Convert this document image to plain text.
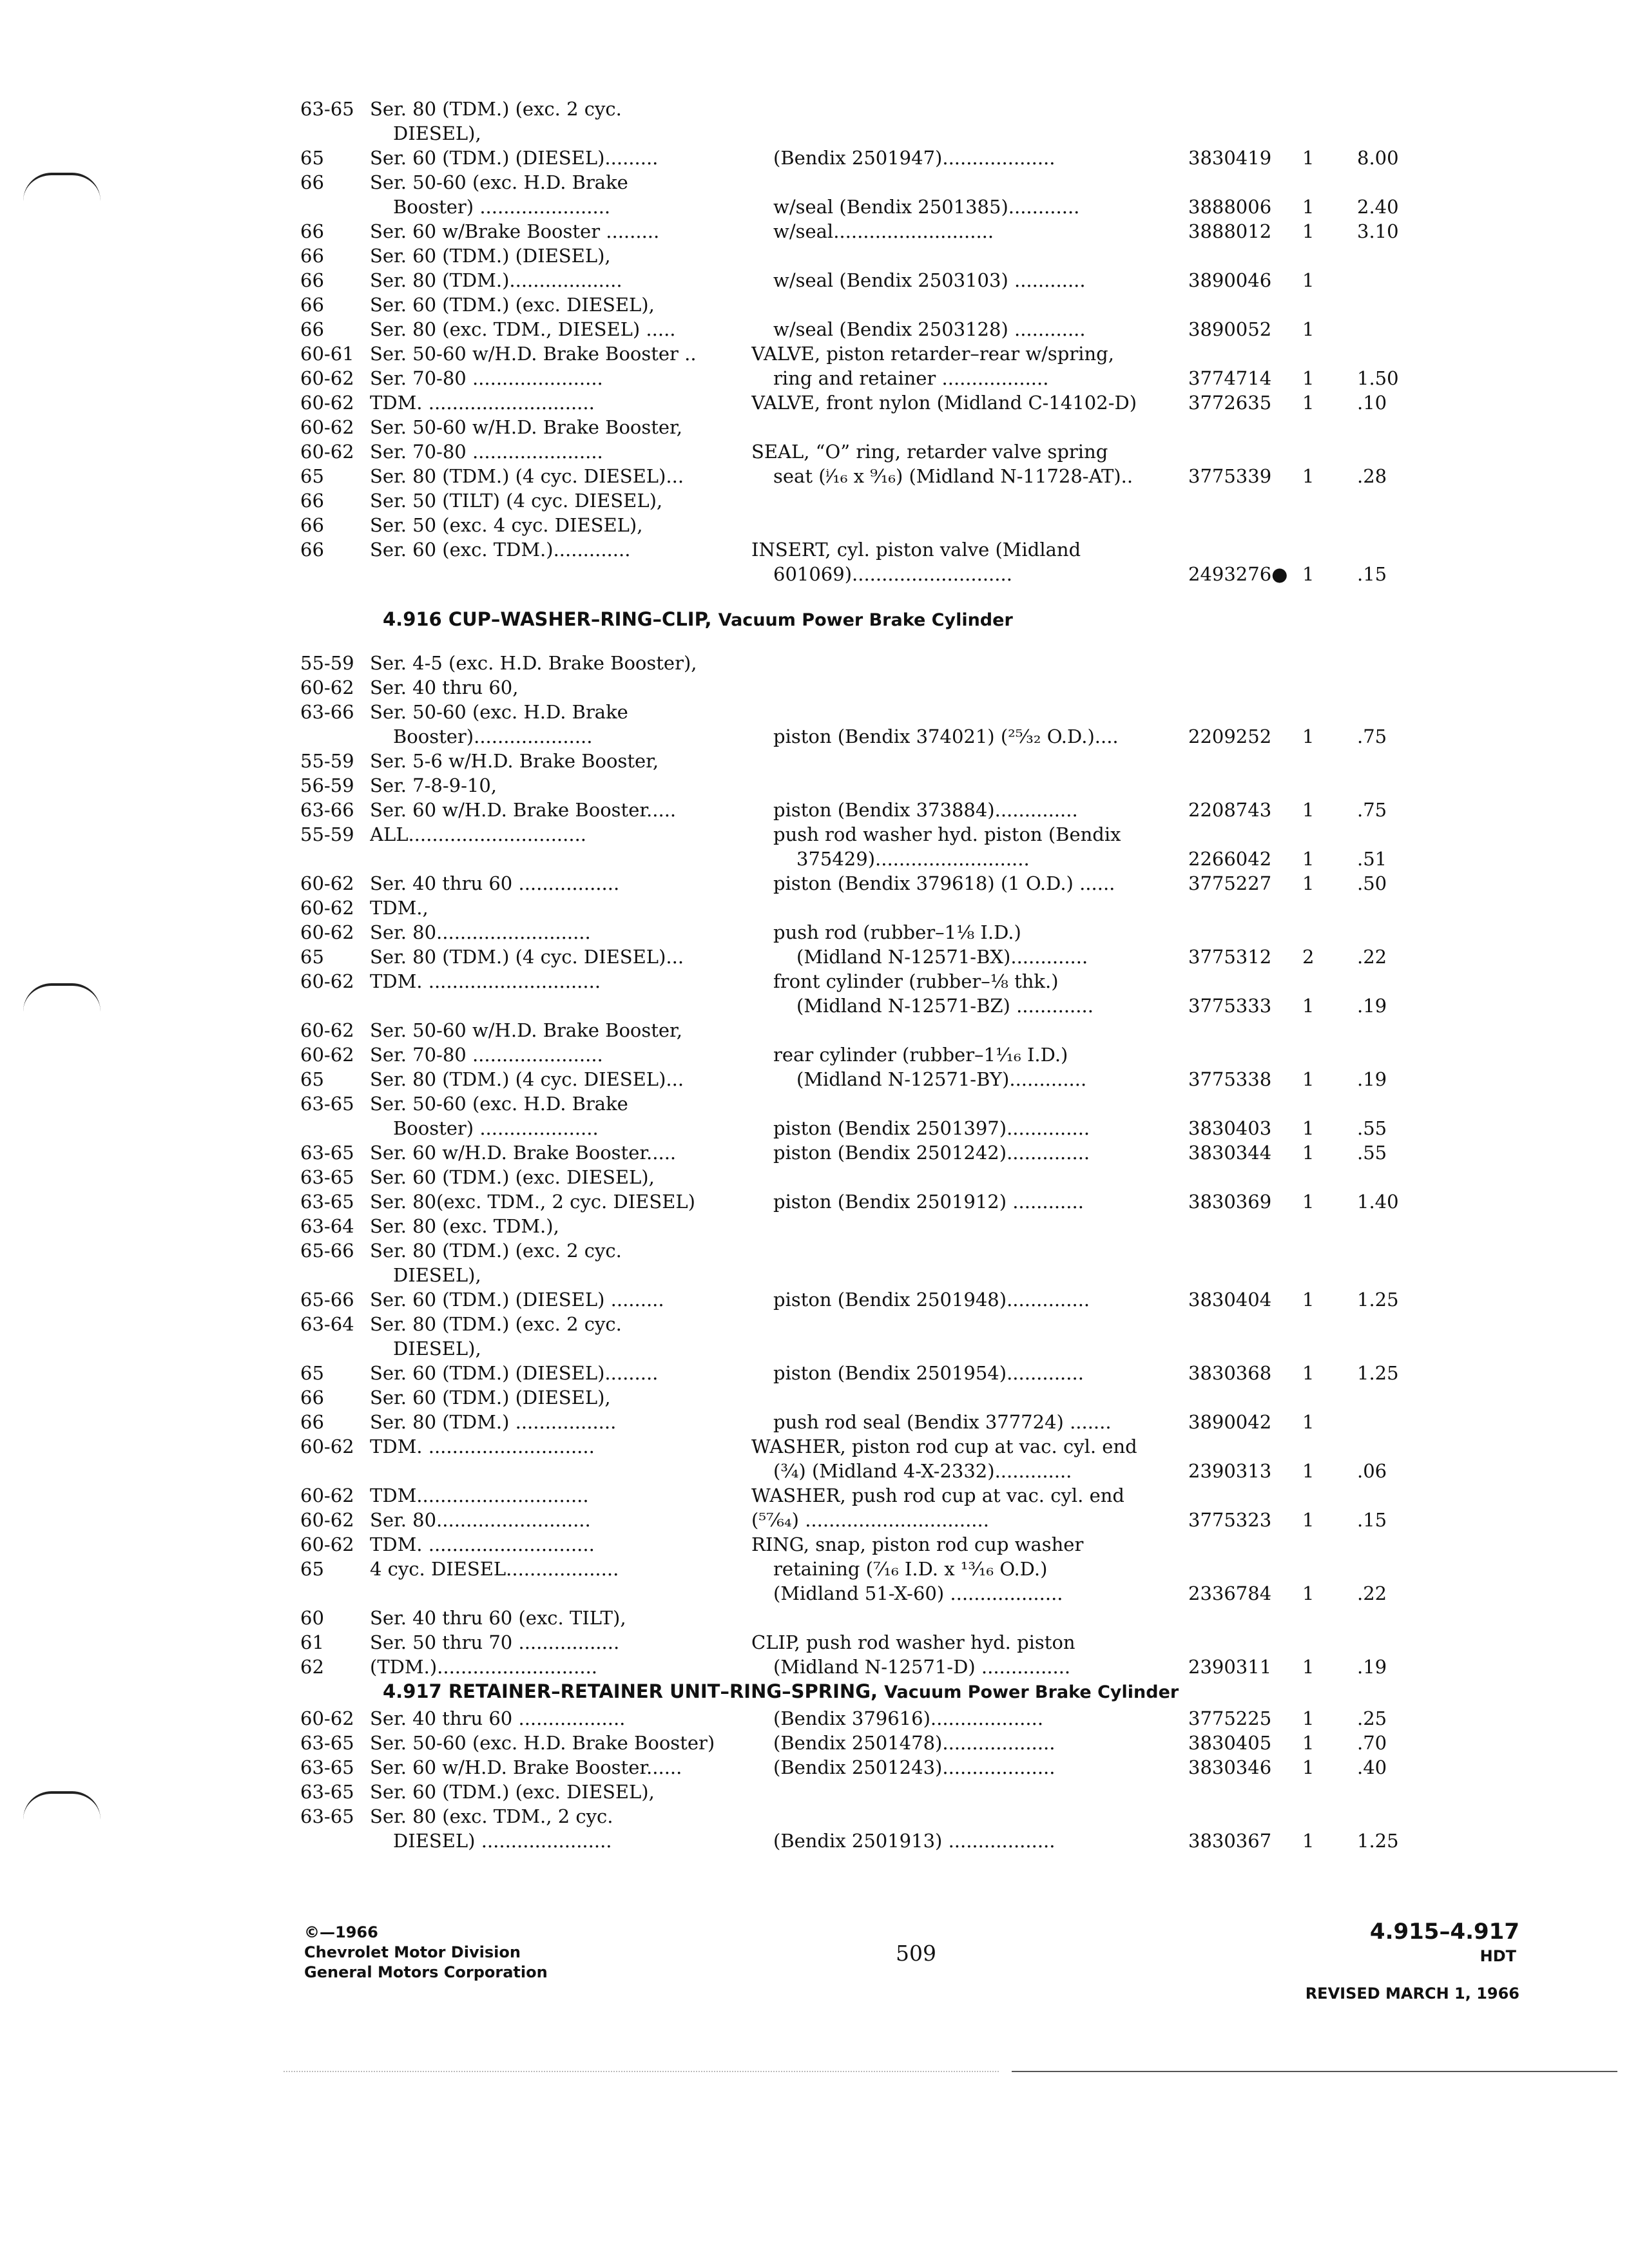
63-65 Ser. 80 (TDM.) (exc. 2 cyc.
DIESEL),
65	Ser. 60 (TDM.) (DIESEL).........	(Bendix 2501947)...................	3830419	1	8.00
66	Ser. 50-60 (exc. H.D. Brake
Booster) ......................	w/seal (Bendix 2501385)............	3888006	1	2.40
66	Ser. 60 w/Brake Booster .........	w/seal...........................	3888012	1	3.10
66	Ser. 60 (TDM.) (DIESEL),
66	Ser. 80 (TDM.)...................	w/seal (Bendix 2503103) ............	3890046	1
66	Ser. 60 (TDM.) (exc. DIESEL),
66	Ser. 80 (exc. TDM., DIESEL) .....	w/seal (Bendix 2503128) ............	3890052	1
60-61 Ser. 50-60 w/H.D. Brake Booster ..	VALVE, piston retarder–rear w/spring,
60-62 Ser. 70-80 ......................	ring and retainer ..................	3774714	1	1.50
60-62 TDM. ............................	VALVE, front nylon (Midland C-14102-D)	3772635	1	.10
60-62 Ser. 50-60 w/H.D. Brake Booster,
60-62 Ser. 70-80 ......................	SEAL, “O” ring, retarder valve spring
65	Ser. 80 (TDM.) (4 cyc. DIESEL)...	seat (ⁱ⁄₁₆ x ⁹⁄₁₆) (Midland N-11728-AT)..	3775339	1	.28
66	Ser. 50 (TILT) (4 cyc. DIESEL),
66	Ser. 50 (exc. 4 cyc. DIESEL),
66	Ser. 60 (exc. TDM.).............	INSERT, cyl. piston valve (Midland
601069)...........................	2493276● 1	.15
4.916 CUP–WASHER–RING–CLIP, Vacuum Power Brake Cylinder
55-59 Ser. 4-5 (exc. H.D. Brake Booster),
60-62 Ser. 40 thru 60,
63-66 Ser. 50-60 (exc. H.D. Brake
Booster)....................	piston (Bendix 374021) (²⁵⁄₃₂ O.D.)....	2209252	1	.75
55-59 Ser. 5-6 w/H.D. Brake Booster,
56-59 Ser. 7-8-9-10,
63-66 Ser. 60 w/H.D. Brake Booster.....	piston (Bendix 373884)..............	2208743	1	.75
55-59 ALL..............................	push rod washer hyd. piston (Bendix
375429)..........................	2266042	1	.51
60-62 Ser. 40 thru 60 .................	piston (Bendix 379618) (1 O.D.) ......	3775227	1	.50
60-62 TDM.,
60-62 Ser. 80..........................	push rod (rubber–1⅛ I.D.)
65	Ser. 80 (TDM.) (4 cyc. DIESEL)...	(Midland N-12571-BX).............	3775312	2	.22
60-62 TDM. .............................	front cylinder (rubber–⅛ thk.)
(Midland N-12571-BZ) .............	3775333	1	.19
60-62 Ser. 50-60 w/H.D. Brake Booster,
60-62 Ser. 70-80 ......................	rear cylinder (rubber–1¹⁄₁₆ I.D.)
65	Ser. 80 (TDM.) (4 cyc. DIESEL)...	(Midland N-12571-BY).............	3775338	1	.19
63-65 Ser. 50-60 (exc. H.D. Brake
Booster) ....................	piston (Bendix 2501397)..............	3830403	1	.55
63-65 Ser. 60 w/H.D. Brake Booster.....	piston (Bendix 2501242)..............	3830344	1	.55
63-65 Ser. 60 (TDM.) (exc. DIESEL),
63-65 Ser. 80(exc. TDM., 2 cyc. DIESEL)	piston (Bendix 2501912) ............	3830369	1	1.40
63-64 Ser. 80 (exc. TDM.),
65-66 Ser. 80 (TDM.) (exc. 2 cyc.
DIESEL),
65-66 Ser. 60 (TDM.) (DIESEL) .........	piston (Bendix 2501948)..............	3830404	1	1.25
63-64 Ser. 80 (TDM.) (exc. 2 cyc.
DIESEL),
65	Ser. 60 (TDM.) (DIESEL).........	piston (Bendix 2501954).............	3830368	1	1.25
66	Ser. 60 (TDM.) (DIESEL),
66	Ser. 80 (TDM.) .................	push rod seal (Bendix 377724) .......	3890042	1
60-62 TDM. ............................	WASHER, piston rod cup at vac. cyl. end
(¾) (Midland 4-X-2332).............	2390313	1	.06
60-62 TDM.............................	WASHER, push rod cup at vac. cyl. end
60-62 Ser. 80..........................	(⁵⁷⁄₆₄) ...............................	3775323	1	.15
60-62 TDM. ............................	RING, snap, piston rod cup washer
65	4 cyc. DIESEL...................	retaining (⁷⁄₁₆ I.D. x ¹³⁄₁₆ O.D.)
(Midland 51-X-60) ...................	2336784	1	.22
60	Ser. 40 thru 60 (exc. TILT),
61	Ser. 50 thru 70 .................	CLIP, push rod washer hyd. piston
62	(TDM.)...........................	(Midland N-12571-D) ...............	2390311	1	.19
4.917 RETAINER–RETAINER UNIT–RING–SPRING, Vacuum Power Brake Cylinder
60-62 Ser. 40 thru 60 ..................	(Bendix 379616)...................	3775225	1	.25
63-65 Ser. 50-60 (exc. H.D. Brake Booster)	(Bendix 2501478)...................	3830405	1	.70
63-65 Ser. 60 w/H.D. Brake Booster......	(Bendix 2501243)...................	3830346	1	.40
63-65 Ser. 60 (TDM.) (exc. DIESEL),
63-65 Ser. 80 (exc. TDM., 2 cyc.
DIESEL) ......................	(Bendix 2501913) ..................	3830367	1	1.25
©—1966
Chevrolet Motor Division
General Motors Corporation
509
4.915–4.917
HDT
REVISED MARCH 1, 1966
